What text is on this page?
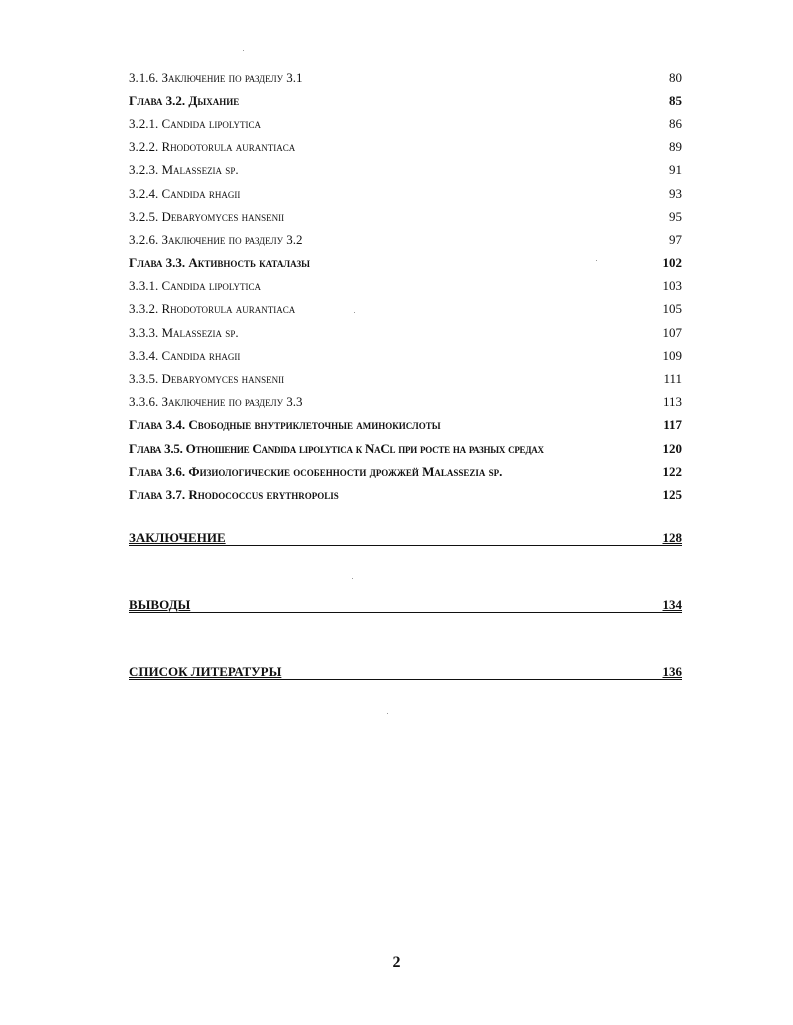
3.1.6. Заключение по разделу 3.1	80
Глава 3.2. Дыхание	85
3.2.1. Candida lipolytica	86
3.2.2. Rhodotorula aurantiaca	89
3.2.3. Malassezia sp.	91
3.2.4. Candida rhagii	93
3.2.5. Debaryomyces hansenii	95
3.2.6. Заключение по разделу 3.2	97
Глава 3.3. Активность каталазы	102
3.3.1. Candida lipolytica	103
3.3.2. Rhodotorula aurantiaca	105
3.3.3. Malassezia sp.	107
3.3.4. Candida rhagii	109
3.3.5. Debaryomyces hansenii	111
3.3.6. Заключение по разделу 3.3	113
Глава 3.4. Свободные внутриклеточные аминокислоты	117
Глава 3.5. Отношение Candida lipolytica к NaCl при росте на разных средах	120
Глава 3.6. Физиологические особенности дрожжей Malassezia sp.	122
Глава 3.7. Rhodococcus erythropolis	125
ЗАКЛЮЧЕНИЕ	128
ВЫВОДЫ	134
СПИСОК ЛИТЕРАТУРЫ	136
2
